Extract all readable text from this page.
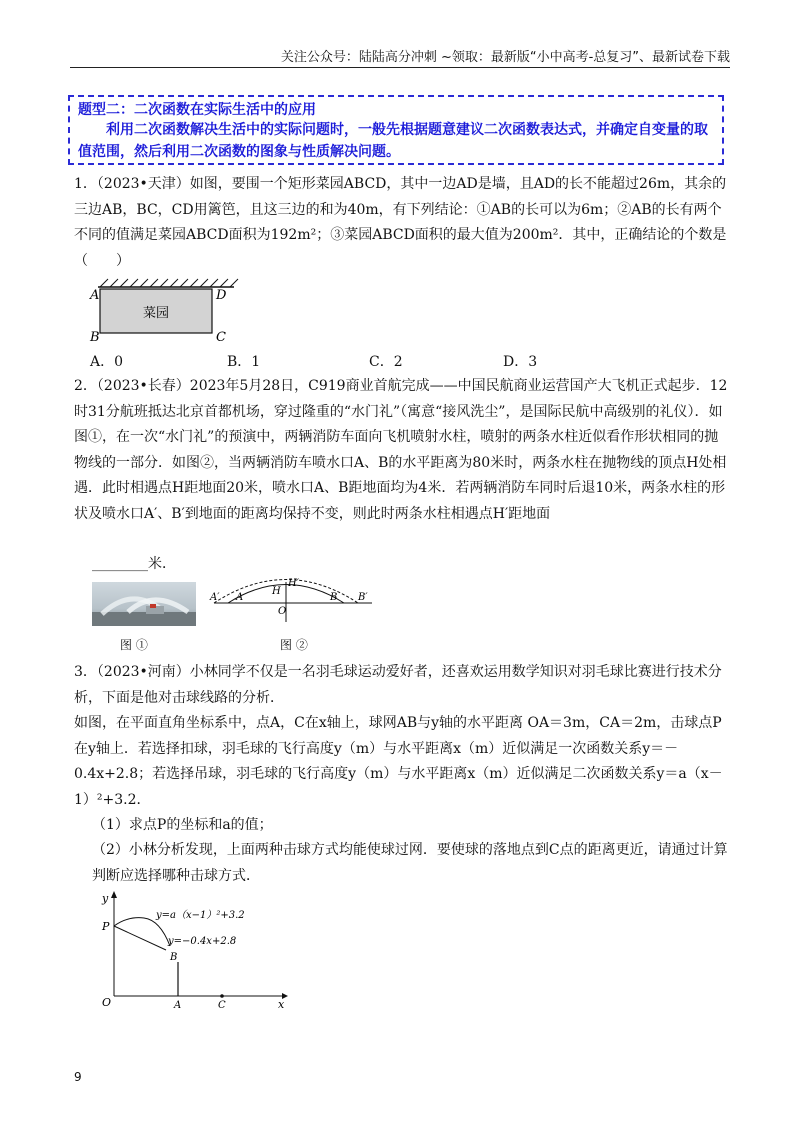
关注公众号：陆陆高分冲刺 ~领取：最新版“小中高考-总复习”、最新试卷下载
题型二：二次函数在实际生活中的应用
利用二次函数解决生活中的实际问题时，一般先根据题意建议二次函数表达式，并确定自变量的取值范围，然后利用二次函数的图象与性质解决问题。
1．（2023•天津）如图，要围一个矩形菜园ABCD，其中一边AD是墙，且AD的长不能超过26m，其余的三边AB，BC，CD用篱笆，且这三边的和为40m，有下列结论：①AB的长可以为6m；②AB的长有两个不同的值满足菜园ABCD面积为192m²；③菜园ABCD面积的最大值为200m²．其中，正确结论的个数是（　　）
A	D
B	C
菜园
A．0	B．1	C．2	D．3
2．（2023•长春）2023年5月28日，C919商业首航完成——中国民航商业运营国产大飞机正式起步．12时31分航班抵达北京首都机场，穿过隆重的“水门礼”（寓意“接风洗尘”，是国际民航中高级别的礼仪）．如图①，在一次“水门礼”的预演中，两辆消防车面向飞机喷射水柱，喷射的两条水柱近似看作形状相同的抛物线的一部分．如图②，当两辆消防车喷水口A、B的水平距离为80米时，两条水柱在抛物线的顶点H处相遇．此时相遇点H距地面20米，喷水口A、B距地面均为4米．若两辆消防车同时后退10米，两条水柱的形状及喷水口A′、B′到地面的距离均保持不变，则此时两条水柱相遇点H′距地面
________米．
图 ①
A′ A
H
H′
O
B B′
图 ②
3．（2023•河南）小林同学不仅是一名羽毛球运动爱好者，还喜欢运用数学知识对羽毛球比赛进行技术分析，下面是他对击球线路的分析．
如图，在平面直角坐标系中，点A，C在x轴上，球网AB与y轴的水平距离 OA＝3m，CA＝2m，击球点P在y轴上．若选择扣球，羽毛球的飞行高度y（m）与水平距离x（m）近似满足一次函数关系y＝－0.4x+2.8；若选择吊球，羽毛球的飞行高度y（m）与水平距离x（m）近似满足二次函数关系y＝a（x－1）²+3.2．
（1）求点P的坐标和a的值；
（2）小林分析发现，上面两种击球方式均能使球过网．要使球的落地点到C点的距离更近，请通过计算判断应选择哪种击球方式．
y
x
O
P
B
A	C
y=a（x−1）²+3.2
y=−0.4x+2.8
9
